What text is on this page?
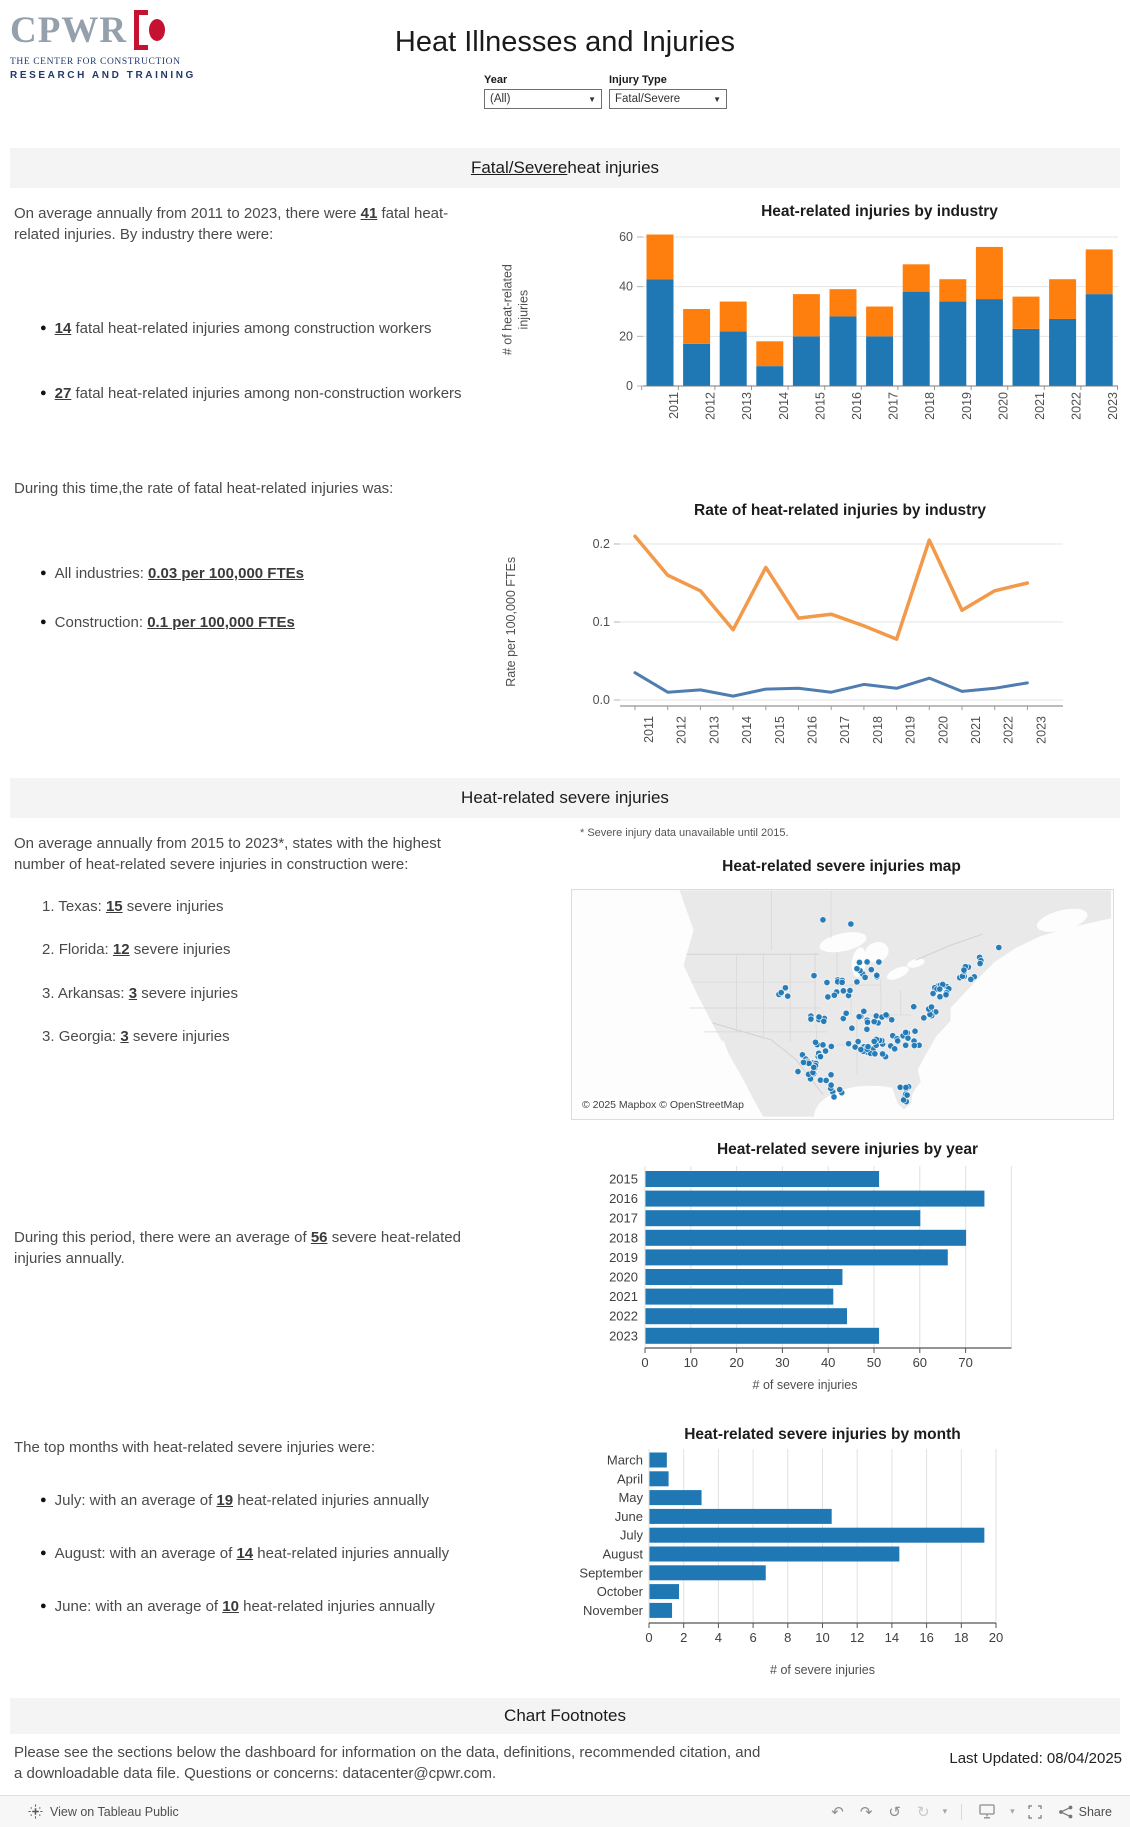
CPWR
THE CENTER FOR CONSTRUCTION
RESEARCH AND TRAINING
Heat Illnesses and Injuries
Year
(All)	▼
Injury Type
Fatal/Severe	▼
Fatal/Severe heat injuries
On average annually from 2011 to 2023, there were 41 fatal heat-related injuries. By industry there were:
● 14 fatal heat-related injuries among construction workers
● 27 fatal heat-related injuries among non-construction workers
During this time,the rate of fatal heat-related injuries was:
● All industries: 0.03 per 100,000 FTEs
● Construction: 0.1 per 100,000 FTEs
Heat-related injuries by industry
# of heat-related injuries
0
20
40
60
2011 2012 2013 2014 2015 2016 2017 2018 2019 2020 2021 2022 2023
Rate of heat-related injuries by industry
Rate per 100,000 FTEs
0.0
0.1
0.2
2011 2012 2013 2014 2015 2016 2017 2018 2019 2020 2021 2022 2023
Heat-related severe injuries
On average annually from 2015 to 2023*, states with the highest number of heat-related severe injuries in construction were:
1. Texas: 15 severe injuries
2. Florida: 12 severe injuries
3. Arkansas: 3 severe injuries
3. Georgia: 3 severe injuries
* Severe injury data unavailable until 2015.
Heat-related severe injuries map
© 2025 Mapbox © OpenStreetMap
Heat-related severe injuries by year
2015
2016
2017
2018
2019
2020
2021
2022
2023
0	10 20 30 40 50 60 70
# of severe injuries
During this period, there were an average of 56 severe heat-related injuries annually.
Heat-related severe injuries by month
March
April
May
June
July
August
September
October
November
0 2 4 6 8 10 12 14 16 18 20
# of severe injuries
The top months with heat-related severe injuries were:
● July: with an average of 19 heat-related injuries annually
● August: with an average of 14 heat-related injuries annually
● June: with an average of 10 heat-related injuries annually
Chart Footnotes
Please see the sections below the dashboard for information on the data, definitions, recommended citation, and a downloadable data file. Questions or concerns: datacenter@cpwr.com.
Last Updated: 08/04/2025
View on Tableau Public	↶ ↷ ↺ ↻ ▾	▾	Share
